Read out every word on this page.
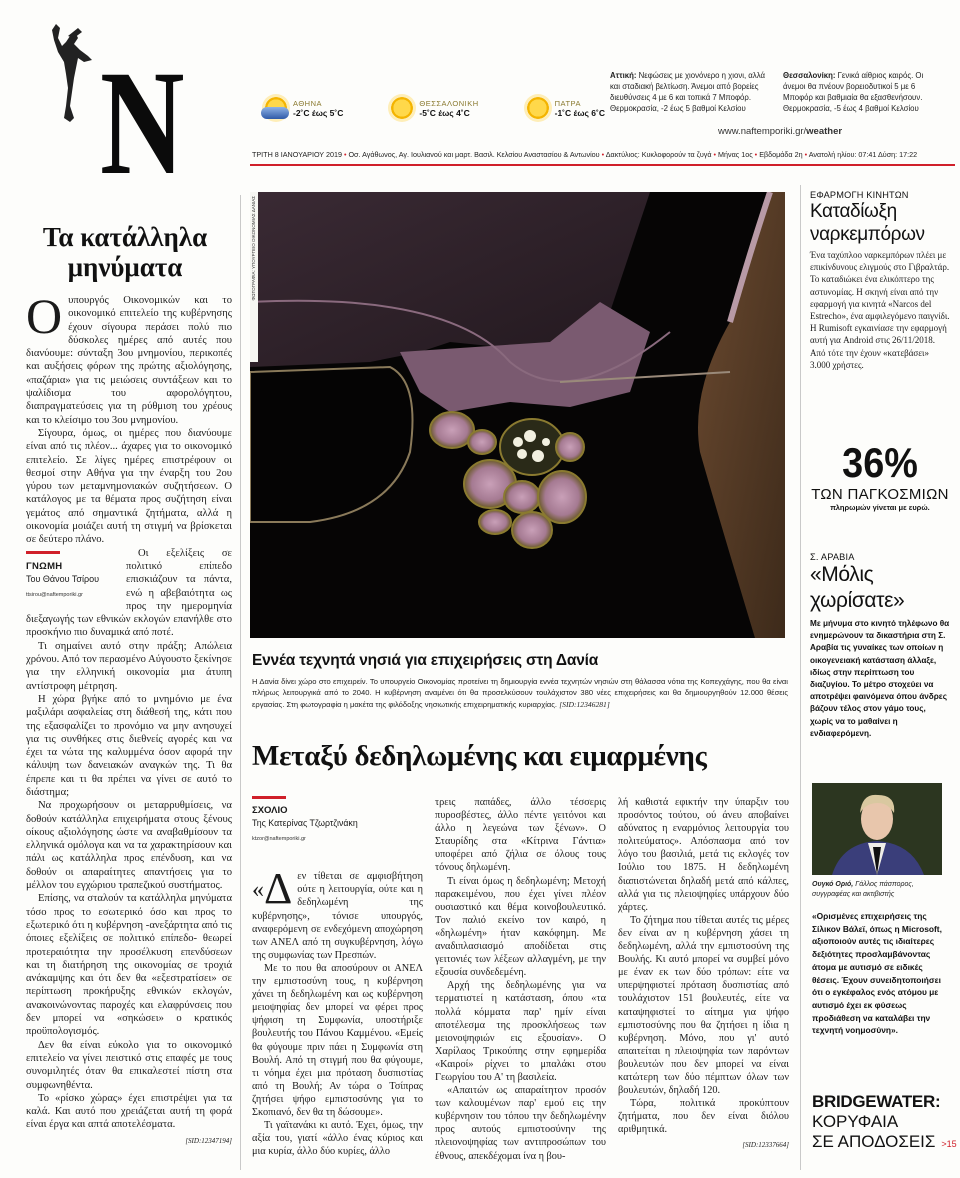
N	ΑΘΗΝΑ
-2˚C έως 5˚C
ΘΕΣΣΑΛΟΝΙΚΗ
-5˚C έως 4˚C
ΠΑΤΡΑ
-1˚C έως 6˚C
Αττική: Νεφώσεις με χιονόνερο η χιονι, αλλά και σταδιακή βελτίωση. Άνεμοι από βορείες διευθύνσεις 4 με 6 και τοπικά 7 Μποφόρ. Θερμοκρασία, -2 έως 5 βαθμοί Κελσίου
Θεσσαλονίκη: Γενικά αίθριος καιρός. Οι άνεμοι θα πνέουν βορειοδυτικοί 5 με 6 Μποφόρ και βαθμιαία θα εξασθενήσουν. Θερμοκρασία, -5 έως 4 βαθμοί Κελσίου
www.naftemporiki.gr/weather
ΤΡΙΤΗ 8 ΙΑΝΟΥΑΡΙΟΥ 2019 • Οσ. Αγάθωνος, Αγ. Ιουλιανού και μαρτ. Βασιλ. Κελσίου Αναστασίου & Αντωνίου • Δακτύλιος: Κυκλοφορούν τα ζυγά • Μήνας 1ος • Εβδομάδα 2η • Ανατολή ηλίου: 07:41 Δύση: 17:22
Τα κατάλληλα μηνύματα

Ουπουργός Οικονομικών και το οικονομικό επιτελείο της κυβέρνησης έχουν σίγουρα περάσει πολύ πιο δύσκολες ημέρες από αυτές που διανύουμε: σύνταξη 3ου μνημονίου, περικοπές και αυξήσεις φόρων της πρώτης αξιολόγησης, «παζάρια» για τις μειώσεις συντάξεων και το ψαλίδισμα του αφορολόγητου, διαπραγματεύσεις για τη ρύθμιση του χρέους και το κλείσιμο του 3ου μνημονίου.

Σίγουρα, όμως, οι ημέρες που διανύουμε είναι από τις πλέον... άχαρες για το οικονομικό επιτελείο. Σε λίγες ημέρες επιστρέφουν οι θεσμοί στην Αθήνα για την έναρξη του 2ου γύρου των μεταμνημονιακών συζητήσεων. Ο κατάλογος με τα θέματα προς συζήτηση είναι γεμάτος από σημαντικά ζητήματα, αλλά η οικονομία μοιάζει αυτή τη στιγμή να βρίσκεται σε δεύτερο πλάνο.

ΓΝΩΜΗ
Του Θάνου Τσίρου
ttsirou@naftemporiki.gr

Οι εξελίξεις σε πολιτικό επίπεδο επισκιάζουν τα πάντα, ενώ η αβεβαιότητα ως προς την ημερομηνία διεξαγωγής των εθνικών εκλογών επανήλθε στο προσκήνιο πιο δυναμικά από ποτέ.

Τι σημαίνει αυτό στην πράξη; Απώλεια χρόνου. Από τον περασμένο Αύγουστο ξεκίνησε για την ελληνική οικονομία μια άτυπη αντίστροφη μέτρηση.

Η χώρα βγήκε από το μνημόνιο με ένα μαξιλάρι ασφαλείας στη διάθεσή της, κάτι που της εξασφαλίζει το προνόμιο να μην ανησυχεί για τις συνθήκες στις διεθνείς αγορές και να έχει τα νώτα της καλυμμένα όσον αφορά την κάλυψη των δανειακών αναγκών της. Τι θα έπρεπε και τι θα πρέπει να γίνει σε αυτό το διάστημα;

Να προχωρήσουν οι μεταρρυθμίσεις, να δοθούν κατάλληλα επιχειρήματα στους ξένους οίκους αξιολόγησης ώστε να αναβαθμίσουν τα ελληνικά ομόλογα και να τα χαρακτηρίσουν και πάλι ως κατάλληλα προς επένδυση, και να δοθούν οι απαραίτητες απαντήσεις για το μέλλον του εγχώριου τραπεζικού συστήματος.

Επίσης, να σταλούν τα κατάλληλα μηνύματα τόσο προς το εσωτερικό όσο και προς το εξωτερικό ότι η κυβέρνηση -ανεξάρτητα από τις όποιες εξελίξεις σε πολιτικό επίπεδο- θεωρεί προτεραιότητα την προσέλκυση επενδύσεων και τη διατήρηση της οικονομίας σε τροχιά ανάκαμψης και ότι δεν θα «εξεστρατίσει» σε περίπτωση προκήρυξης εθνικών εκλογών, ανακοινώνοντας παροχές και ελαφρύνσεις που δεν μπορεί να «σηκώσει» ο κρατικός προϋπολογισμός.

Δεν θα είναι εύκολο για το οικονομικό επιτελείο να γίνει πειστικό στις επαφές με τους συνομιλητές όταν θα επικαλεστεί πίστη στα συμφωνηθέντα.

Το «ρίσκο χώρας» έχει επιστρέψει για τα καλά. Και αυτό που χρειάζεται αυτή τη φορά είναι έργα και απτά αποτελέσματα.

[SID:12347194]
ΦΩΤΟΓΡΑΦΙΑ: ΥΠΟΥΡΓΕΙΟ ΟΙΚΟΝΟΜΙΑΣ ΔΑΝΙΑΣ
Εννέα τεχνητά νησιά για επιχειρήσεις στη Δανία
Η Δανία δίνει χώρο στο επιχειρείν. Το υπουργείο Οικονομίας προτείνει τη δημιουργία εννέα τεχνητών νησιών στη θάλασσα νότια της Κοπεγχάγης, που θα είναι πλήρως λειτουργικά από το 2040. Η κυβέρνηση αναμένει ότι θα προσελκύσουν τουλάχιστον 380 νέες επιχειρήσεις και θα δημιουργηθούν 12.000 θέσεις εργασίας. Στη φωτογραφία η μακέτα της φιλόδοξης νησιωτικής επιχειρηματικής κυριαρχίας. [SID:12346281]
Μεταξύ δεδηλωμένης και ειμαρμένης
ΣΧΟΛΙΟ
Της Κατερίνας Τζωρτζινάκη
ktzor@naftemporiki.gr

«Δ εν τίθεται σε αμφισβήτηση ούτε η λειτουργία, ούτε και η δεδηλωμένη της κυβέρνησης», τόνισε υπουργός, αναφερόμενη σε ενδεχόμενη αποχώρηση των ΑΝΕΛ από τη συγκυβέρνηση, λόγω της συμφωνίας των Πρεσπών.

Με το που θα αποσύρουν οι ΑΝΕΛ την εμπιστοσύνη τους, η κυβέρνηση χάνει τη δεδηλωμένη και ως κυβέρνηση μειοψηφίας δεν μπορεί να φέρει προς ψήφιση τη Συμφωνία, υποστήριξε βουλευτής του Πάνου Καμμένου. «Εμείς θα φύγουμε πριν πάει η Συμφωνία στη Βουλή. Από τη στιγμή που θα φύγουμε, τι νόημα έχει μια πρόταση δυσπιστίας από τη Βουλή; Αν τώρα ο Τσίπρας ζητήσει ψήφο εμπιστοσύνης για το Σκοπιανό, δεν θα τη δώσουμε».

Τι γαϊτανάκι κι αυτό. Έχει, όμως, την αξία του, γιατί «άλλο ένας κύριος και μια κυρία, άλλο δύο κυρίες, άλλο

τρεις παπάδες, άλλο τέσσερις πυροσβέστες, άλλο πέντε γειτόνοι και άλλο η λεγεώνα των ξένων». Ο Σταυρίδης στα «Κίτρινα Γάντια» υποφέρει από ζήλια σε όλους τους τόνους δηλωμένη.

Τι είναι όμως η δεδηλωμένη; Μετοχή παρακειμένου, που έχει γίνει πλέον ουσιαστικό και θέμα κοινοβουλευτικό. Τον παλιό εκείνο τον καιρό, η «δηλωμένη» ήταν κακόφημη. Με αναδιπλασιασμό αποδίδεται στις γειτονιές των λέξεων αλλαγμένη, με την εξουσία συνδεδεμένη.

Αρχή της δεδηλωμένης για να τερματιστεί η κατάσταση, όπου «τα πολλά κόμματα παρ' ημίν είναι αποτέλεσμα της προσκλήσεως των μειονοψηφιών εις εξουσίαν». Ο Χαρίλαος Τρικούπης στην εφημερίδα «Καιροί» ρίχνει το μπαλάκι στου Γεωργίου του Α' τη βασιλεία.

«Απαιτών ως απαραίτητον προσόν των καλουμένων παρ' εμού εις την κυβέρνησιν του τόπου την δεδηλωμένην προς αυτούς εμπιστοσύνην της πλειονοψηφίας των αντιπροσώπων του έθνους, απεκδέχομαι ίνα η βου-

λή καθιστά εφικτήν την ύπαρξιν του προσόντος τούτου, ού άνευ αποβαίνει αδύνατος η εναρμόνιος λειτουργία του πολιτεύματος». Απόσπασμα από τον λόγο του βασιλιά, μετά τις εκλογές τον Ιούλιο του 1875. Η δεδηλωμένη διαπιστώνεται δηλαδή μετά από κάλπες, αλλά για τις πλειοψηφίες υπάρχουν δύο χάρτες.

Το ζήτημα που τίθεται αυτές τις μέρες δεν είναι αν η κυβέρνηση χάσει τη δεδηλωμένη, αλλά την εμπιστοσύνη της Βουλής. Κι αυτό μπορεί να συμβεί μόνο με έναν εκ των δύο τρόπων: είτε να υπερψηφιστεί πρόταση δυσπιστίας από τουλάχιστον 151 βουλευτές, είτε να καταψηφιστεί το αίτημα για ψήφο εμπιστοσύνης που θα ζητήσει η ίδια η κυβέρνηση. Μόνο, που γι' αυτό απαιτείται η πλειοψηφία των παρόντων βουλευτών που δεν μπορεί να είναι κατώτερη των δύο πέμπτων όλων των βουλευτών, δηλαδή 120.

Τώρα, πολιτικά προκύπτουν ζητήματα, που δεν είναι διόλου αριθμητικά.

[SID:12337664]
ΕΦΑΡΜΟΓΗ ΚΙΝΗΤΩΝ
Καταδίωξη ναρκεμπόρων
Ένα ταχύπλοο ναρκεμπόρων πλέει με επικίνδυνους ελιγμούς στο Γιβραλτάρ. Το καταδιώκει ένα ελικόπτερο της αστυνομίας. Η σκηνή είναι από την εφαρμογή για κινητά «Narcos del Estrecho», ένα αμφιλεγόμενο παιγνίδι. Η Rumisoft εγκαινίασε την εφαρμογή αυτή για Android στις 26/11/2018. Από τότε την έχουν «κατεβάσει» 3.000 χρήστες.
36%
ΤΩΝ ΠΑΓΚΟΣΜΙΩΝ
πληρωμών γίνεται με ευρώ.
Σ. ΑΡΑΒΙΑ
«Μόλις χωρίσατε»
Με μήνυμα στο κινητό τηλέφωνο θα ενημερώνουν τα δικαστήρια στη Σ. Αραβία τις γυναίκες των οποίων η οικογενειακή κατάσταση άλλαξε, ιδίως στην περίπτωση του διαζυγίου. Το μέτρο στοχεύει να αποτρέψει φαινόμενα όπου άνδρες βάζουν τέλος στον γάμο τους, χωρίς να το μαθαίνει η ενδιαφερόμενη.
Ουγκό Οριό, Γάλλος πάσπορος, συγγραφέας και ακτιβιστής
«Ορισμένες επιχειρήσεις της Σίλικον Βάλεϊ, όπως η Microsoft, αξιοποιούν αυτές τις ιδιαίτερες δεξιότητες προσλαμβάνοντας άτομα με αυτισμό σε ειδικές θέσεις. Έχουν συνειδητοποιήσει ότι ο εγκέφαλος ενός ατόμου με αυτισμό έχει εκ φύσεως προδιάθεση να καταλάβει την τεχνητή νοημοσύνη».
BRIDGEWATER:
ΚΟΡΥΦΑΙΑ
ΣΕ ΑΠΟΔΟΣΕΙΣ >15
